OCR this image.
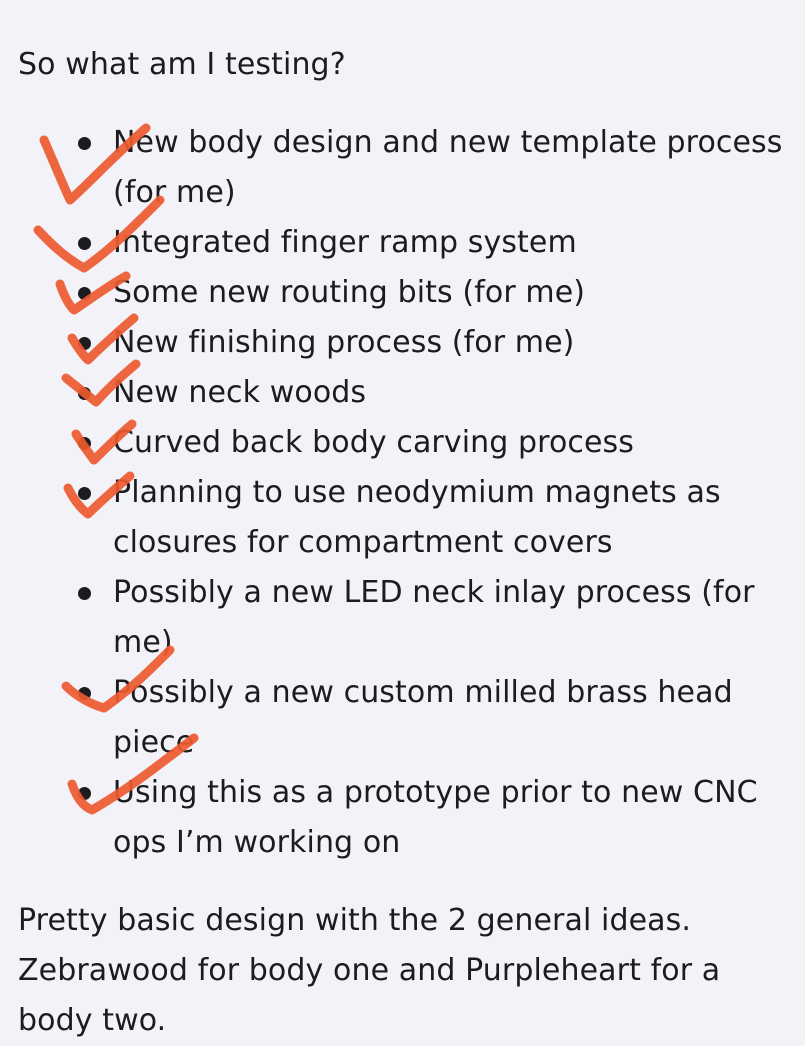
So what am I testing?

New body design and new template process (for me)
Integrated finger ramp system
Some new routing bits (for me)
New finishing process (for me)
New neck woods
Curved back body carving process
Planning to use neodymium magnets as closures for compartment covers
Possibly a new LED neck inlay process (for me)
Possibly a new custom milled brass head piece
Using this as a prototype prior to new CNC ops I’m working on

Pretty basic design with the 2 general ideas. Zebrawood for body one and Purpleheart for a body two.
